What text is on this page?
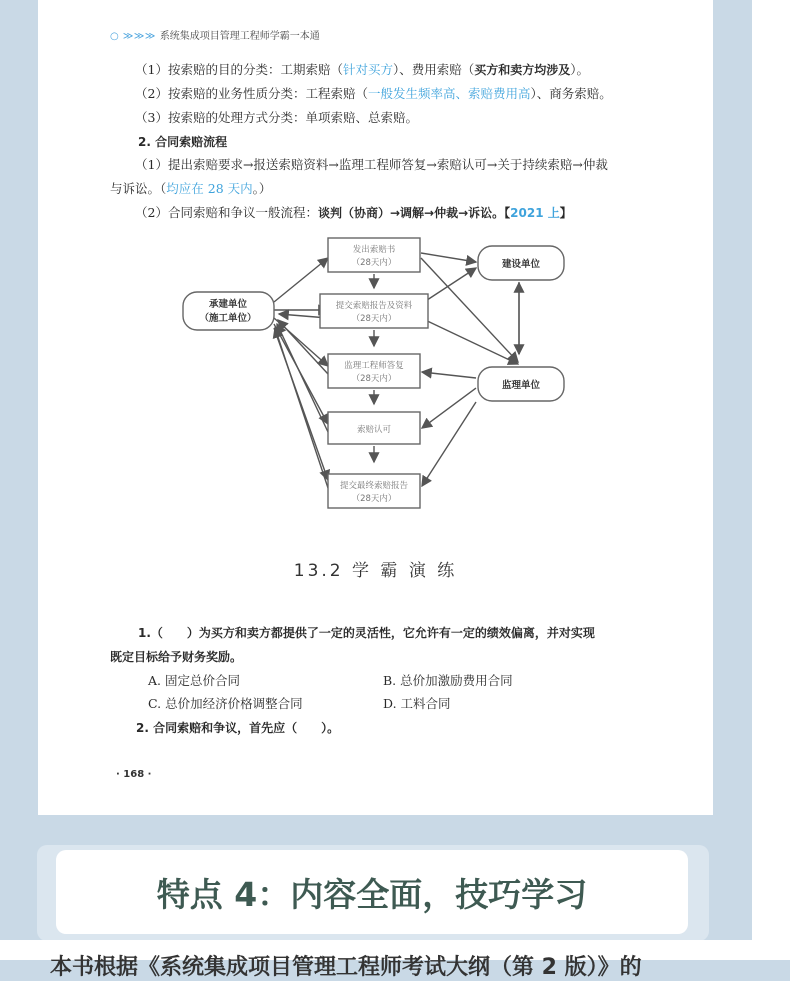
○ ≫≫≫ 系统集成项目管理工程师学霸一本通
（1）按索赔的目的分类：工期索赔（针对买方）、费用索赔（买方和卖方均涉及）。
（2）按索赔的业务性质分类：工程索赔（一般发生频率高、索赔费用高）、商务索赔。
（3）按索赔的处理方式分类：单项索赔、总索赔。
2. 合同索赔流程
（1）提出索赔要求→报送索赔资料→监理工程师答复→索赔认可→关于持续索赔→仲裁
与诉讼。（均应在 28 天内。）
（2）合同索赔和争议一般流程：谈判（协商）→调解→仲裁→诉讼。【2021 上】
承建单位
（施工单位）
建设单位
监理单位
发出索赔书
（28天内）
提交索赔报告及资料
（28天内）
监理工程师答复
（28天内）
索赔认可
提交最终索赔报告
（28天内）
13.2 学 霸 演 练
1.（　　）为买方和卖方都提供了一定的灵活性，它允许有一定的绩效偏离，并对实现
既定目标给予财务奖励。
A. 固定总价合同	B. 总价加激励费用合同
C. 总价加经济价格调整合同	D. 工料合同
2. 合同索赔和争议，首先应（　　）。
· 168 ·
特点 4：内容全面，技巧学习
本书根据《系统集成项目管理工程师考试大纲（第 2 版）》的
